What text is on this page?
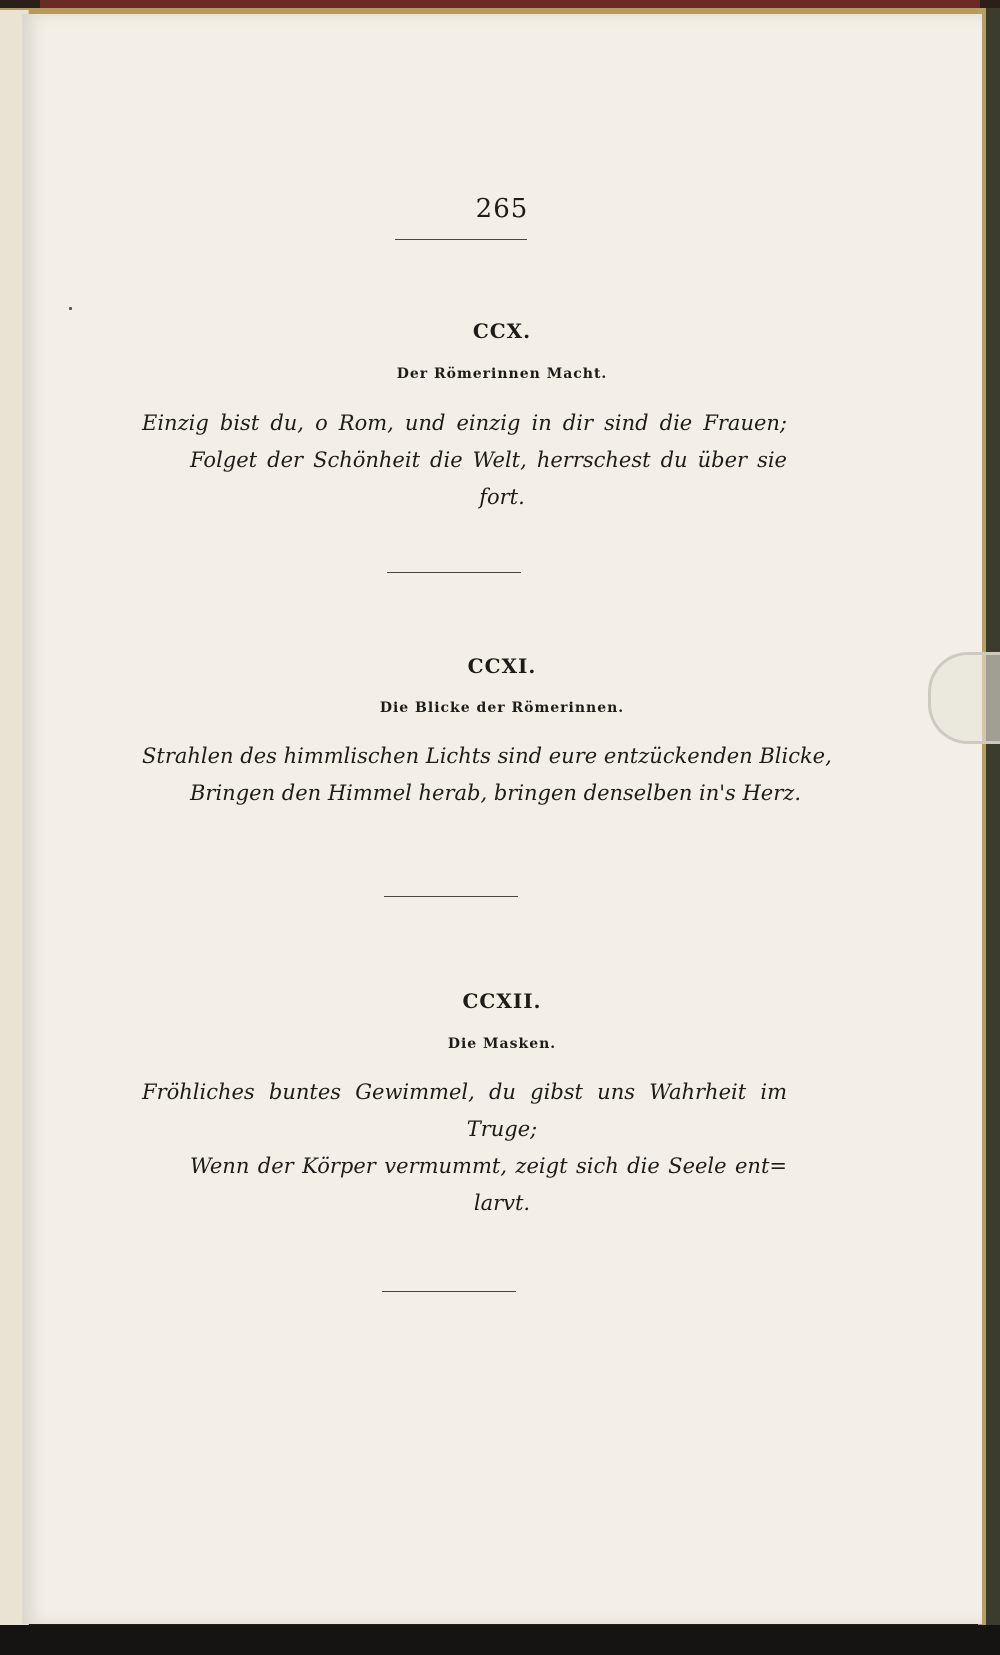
265
CCX.
Der Römerinnen Macht.
Einzig bist du, o Rom, und einzig in dir sind die Frauen;
Folget der Schönheit die Welt, herrschest du über sie
fort.
CCXI.
Die Blicke der Römerinnen.
Strahlen des himmlischen Lichts sind eure entzückenden Blicke,
Bringen den Himmel herab, bringen denselben in's Herz.
CCXII.
Die Masken.
Fröhliches buntes Gewimmel, du gibst uns Wahrheit im
Truge;
Wenn der Körper vermummt, zeigt sich die Seele ent=
larvt.
